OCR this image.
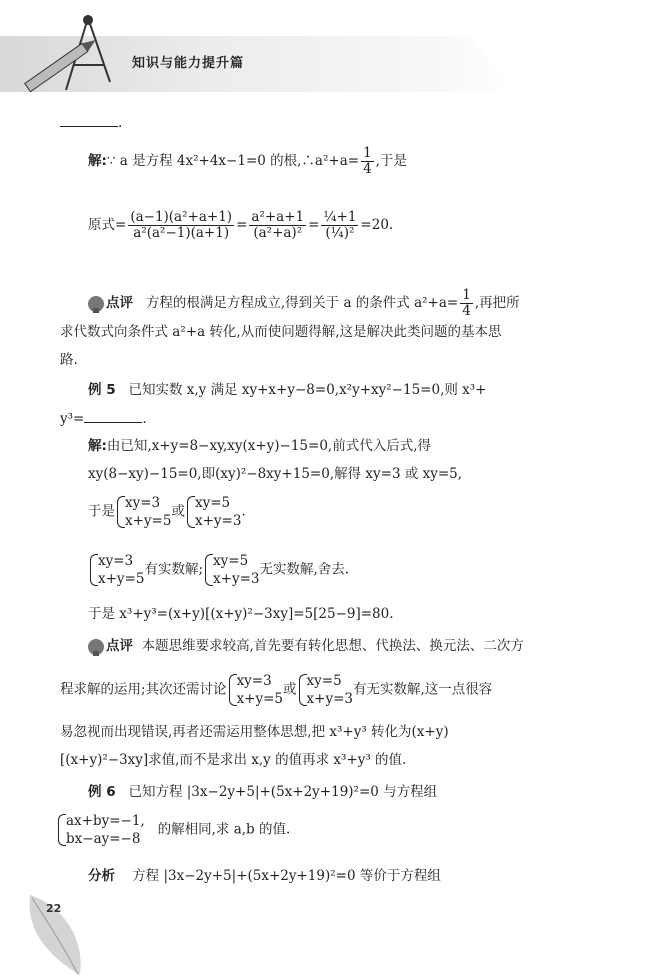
知识与能力提升篇
.
解:∵ a 是方程 4x²+4x−1=0 的根,∴a²+a= $\frac{1}{4}$ ,于是
原式= $\frac{\text{(a−1)(a²+a+1)}}{\text{a²(a²−1)(a+1)}} = \frac{\text{a²+a+1}}{\text{(a²+a)²}} = \frac{\text{¼+1}}{\text{(¼)²}} =20$.
点评 方程的根满足方程成立,得到关于 a 的条件式 $a^2+a= \frac{1}{4}$ ,再把所
求代数式向条件式 a²+a 转化,从而使问题得解,这是解决此类问题的基本思
路.
例 5 已知实数 x,y 满足 xy+x+y−8=0,x²y+xy²−15=0,则 x³+
y³=	.
解:由已知,x+y=8−xy,xy(x+y)−15=0,前式代入后式,得
xy(8−xy)−15=0,即(xy)²−8xy+15=0,解得 xy=3 或 xy=5,
于是
xy=3
x+y=5
或
xy=5
x+y=3
.
xy=3
x+y=5
有实数解;
xy=5
x+y=3
无实数解,舍去.
于是 x³+y³=(x+y)[(x+y)²−3xy]=5[25−9]=80.
点评 本题思维要求较高,首先要有转化思想、代换法、换元法、二次方
程求解的运用;其次还需讨论
xy=3
x+y=5
或
xy=5
x+y=3
有无实数解,这一点很容
易忽视而出现错误,再者还需运用整体思想,把 x³+y³ 转化为(x+y)
[(x+y)²−3xy]求值,而不是求出 x,y 的值再求 x³+y³ 的值.
例 6 已知方程 |3x−2y+5|+(5x+2y+19)²=0 与方程组
ax+by=−1,
bx−ay=−8
的解相同,求 a,b 的值.
分析 方程 |3x−2y+5|+(5x+2y+19)²=0 等价于方程组
22
